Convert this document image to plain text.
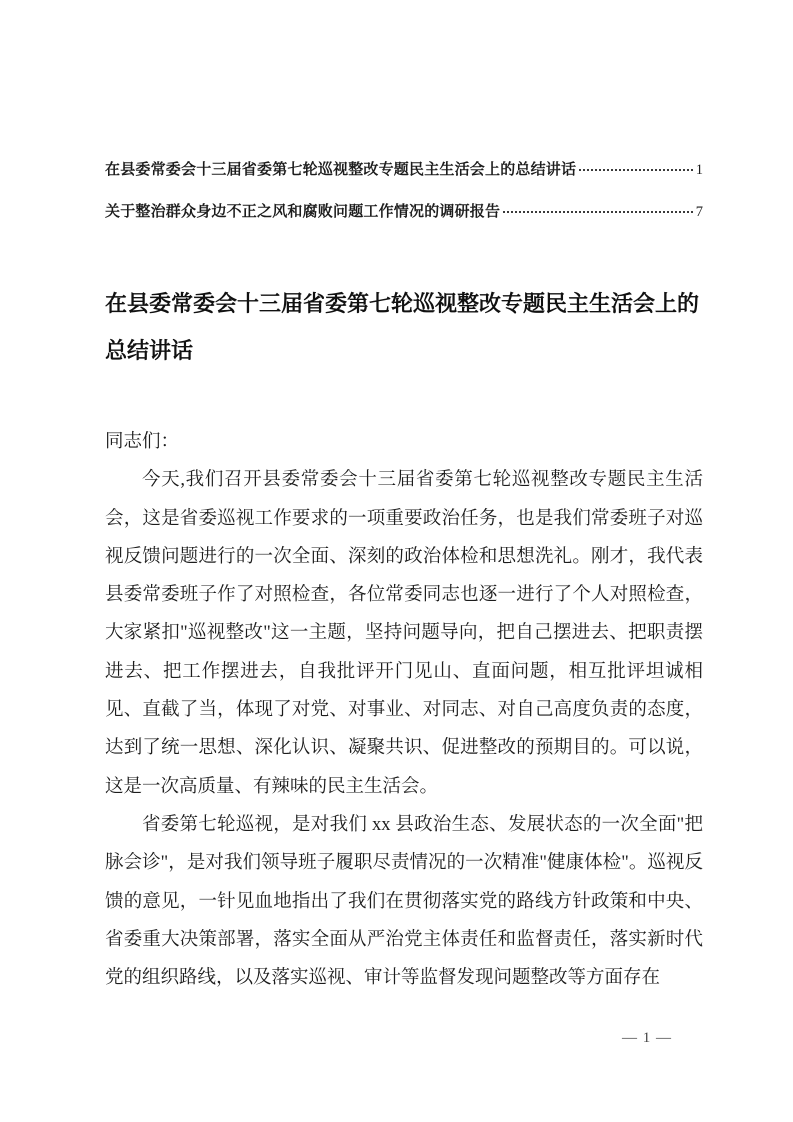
在县委常委会十三届省委第七轮巡视整改专题民主生活会上的总结讲话	1
关于整治群众身边不正之风和腐败问题工作情况的调研报告	7
在县委常委会十三届省委第七轮巡视整改专题民主生活会上的总结讲话

同志们：

今天,我们召开县委常委会十三届省委第七轮巡视整改专题民主生活会，这是省委巡视工作要求的一项重要政治任务，也是我们常委班子对巡视反馈问题进行的一次全面、深刻的政治体检和思想洗礼。刚才，我代表县委常委班子作了对照检查，各位常委同志也逐一进行了个人对照检查，大家紧扣"巡视整改"这一主题，坚持问题导向，把自己摆进去、把职责摆进去、把工作摆进去，自我批评开门见山、直面问题，相互批评坦诚相见、直截了当，体现了对党、对事业、对同志、对自己高度负责的态度，达到了统一思想、深化认识、凝聚共识、促进整改的预期目的。可以说，这是一次高质量、有辣味的民主生活会。

省委第七轮巡视，是对我们 xx 县政治生态、发展状态的一次全面"把脉会诊"，是对我们领导班子履职尽责情况的一次精准"健康体检"。巡视反馈的意见，一针见血地指出了我们在贯彻落实党的路线方针政策和中央、省委重大决策部署，落实全面从严治党主体责任和监督责任，落实新时代党的组织路线，以及落实巡视、审计等监督发现问题整改等方面存在

— 1 —
